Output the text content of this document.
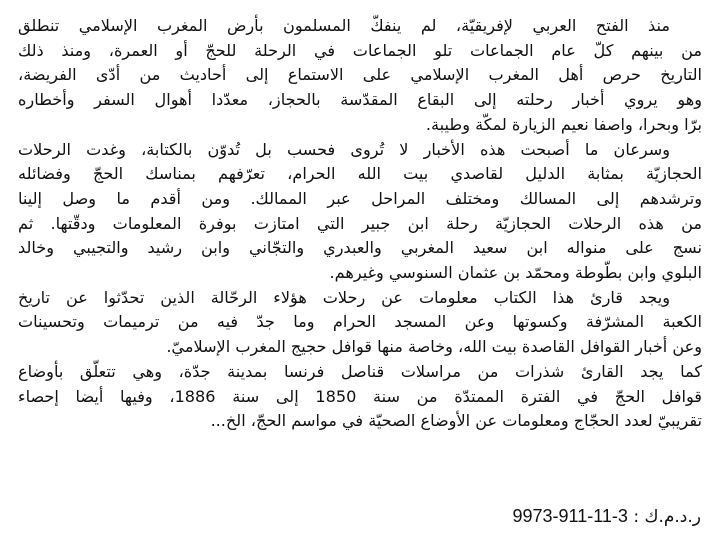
منذ الفتح العربي لإفريقيّة، لم ينفكّ المسلمون بأرض المغرب الإسلامي تنطلق
من بينهم كلّ عام الجماعات تلو الجماعات في الرحلة للحجّ أو العمرة، ومنذ ذلك
التاريخ حرص أهل المغرب الإسلامي على الاستماع إلى أحاديث من أدّى الفريضة،
وهو يروي أخبار رحلته إلى البقاع المقدّسة بالحجاز، معدّدا أهوال السفر وأخطاره
برّا وبحرا، واصفا نعيم الزيارة لمكّة وطيبة.

وسرعان ما أصبحت هذه الأخبار لا تُروى فحسب بل تُدوّن بالكتابة، وغدت الرحلات
الحجازيّة بمثابة الدليل لقاصدي بيت الله الحرام، تعرّفهم بمناسك الحجّ وفضائله
وترشدهم إلى المسالك ومختلف المراحل عبر الممالك. ومن أقدم ما وصل إلينا
من هذه الرحلات الحجازيّة رحلة ابن جبير التي امتازت بوفرة المعلومات ودقّتها. ثم
نسج على منواله ابن سعيد المغربي والعبدري والتجّاني وابن رشيد والتجيبي وخالد
البلوي وابن بطّوطة ومحمّد بن عثمان السنوسي وغيرهم.

ويجد قارئ هذا الكتاب معلومات عن رحلات هؤلاء الرحّالة الذين تحدّثوا عن تاريخ
الكعبة المشرّفة وكسوتها وعن المسجد الحرام وما جدّ فيه من ترميمات وتحسينات
وعن أخبار القوافل القاصدة بيت الله، وخاصة منها قوافل حجيج المغرب الإسلاميّ.
كما يجد القارئ شذرات من مراسلات قناصل فرنسا بمدينة جدّة، وهي تتعلّق بأوضاع
قوافل الحجّ في الفترة الممتدّة من سنة 1850 إلى سنة 1886، وفيها أيضا إحصاء
تقريبيّ لعدد الحجّاج ومعلومات عن الأوضاع الصحيّة في مواسم الحجّ، الخ...

ر.د.م.ك : 9973-911-11-3
